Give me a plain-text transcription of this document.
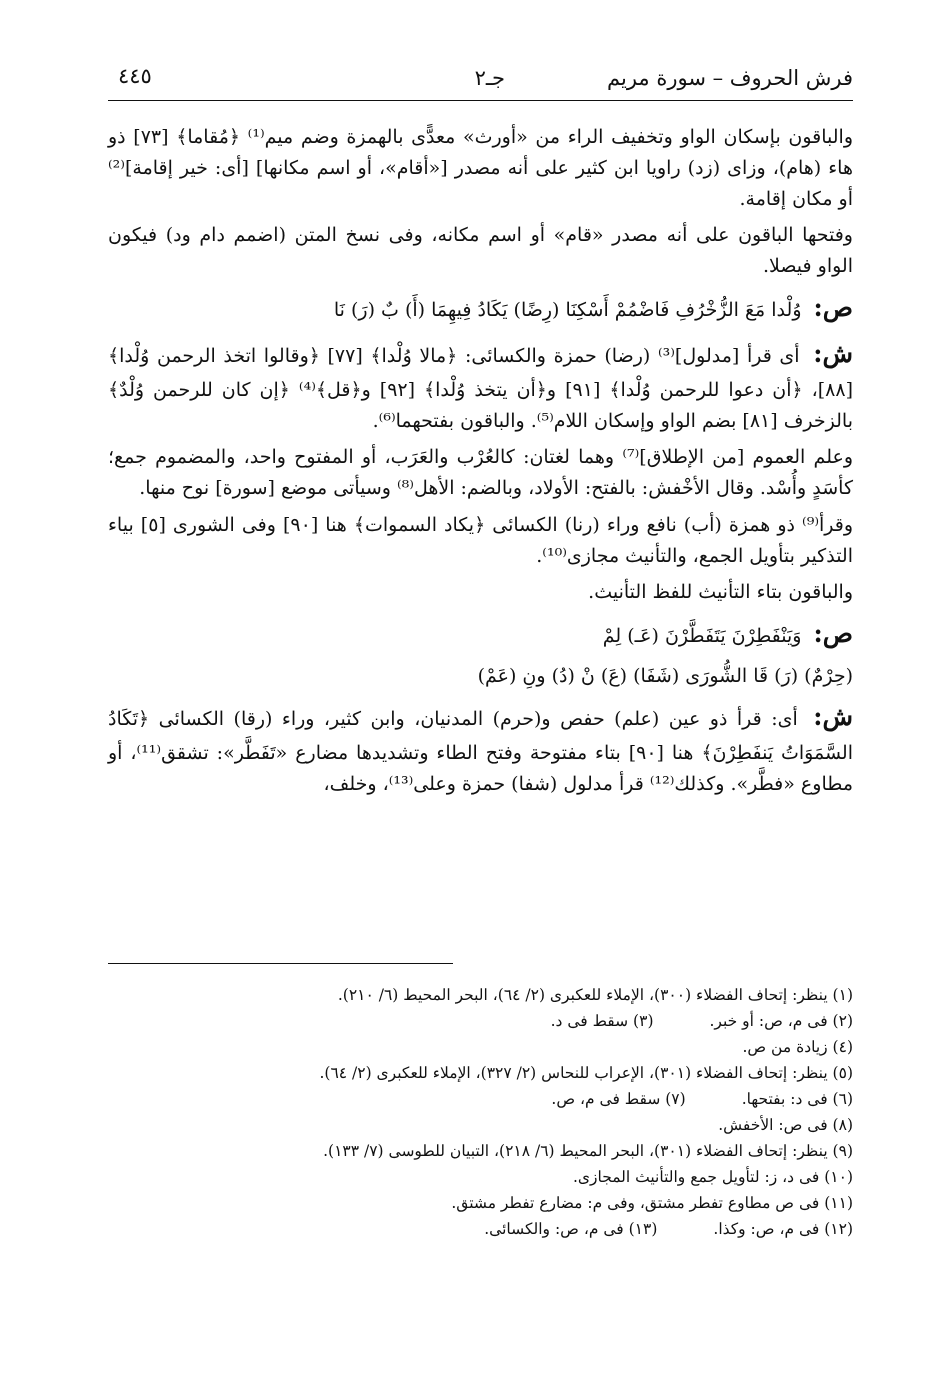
فرش الحروف – سورة مريم
جـ٢
٤٤٥

والباقون بإسكان الواو وتخفيف الراء من «أورث» معدًّى بالهمزة وضم ميم⁽¹⁾ ﴿مُقاما﴾ [٧٣] ذو هاء (هام)، وزاى (زد) راويا ابن كثير على أنه مصدر [«أقام»، أو اسم مكانها] [أى: خير إقامة]⁽²⁾ أو مكان إقامة.

وفتحها الباقون على أنه مصدر «قام» أو اسم مكانه، وفى نسخ المتن (اضمم دام ود) فيكون الواو فيصلا.

ص: وُلْدا مَعَ الزُّخْرُفِ فَاضْمُمْ أَسْكِنَا (رِضًا) يَكَادُ فِيهِمَا (أَ) بٌ (رَ) نَا

ش: أى قرأ [مدلول]⁽³⁾ (رضا) حمزة والكسائى: ﴿مالا وُلْدا﴾ [٧٧] ﴿وقالوا اتخذ الرحمن وُلْدا﴾ [٨٨]، ﴿أن دعوا للرحمن وُلْدا﴾ [٩١] و﴿أن يتخذ وُلْدا﴾ [٩٢] و﴿قل﴾⁽⁴⁾ ﴿إن كان للرحمن وُلْدٌ﴾ بالزخرف [٨١] بضم الواو وإسكان اللام⁽⁵⁾. والباقون بفتحهما⁽⁶⁾.

وعلم العموم [من الإطلاق]⁽⁷⁾ وهما لغتان: كالعُرْب والعَرَب، أو المفتوح واحد، والمضموم جمع؛ كأسَدٍ وأُسْد. وقال الأخْفش: بالفتح: الأولاد، وبالضم: الأهل⁽⁸⁾ وسيأتى موضع [سورة] نوح منها.

وقرأ⁽⁹⁾ ذو همزة (أب) نافع وراء (رنا) الكسائى ﴿يكاد السموات﴾ هنا [٩٠] وفى الشورى [٥] بياء التذكير بتأويل الجمع، والتأنيث مجازى⁽¹⁰⁾.

والباقون بتاء التأنيث للفظ التأنيث.

ص: وَيَنْفَطِرْنَ يَتَفَطَّرْنَ (عَـ) لِمْ

(حِرْمٌ) (رَ) قَا الشُّورَى (شَفَا) (عَ) نْ (دُ) ونِ (عَمْ)

ش: أى: قرأ ذو عين (علم) حفص و(حرم) المدنيان، وابن كثير، وراء (رقا) الكسائى ﴿تَكَادُ السَّمَوَاتُ يَنفَطِرْنَ﴾ هنا [٩٠] بتاء مفتوحة وفتح الطاء وتشديدها مضارع «تَفَطَّر»: تشقق⁽¹¹⁾، أو مطاوع «فطَّر». وكذلك⁽¹²⁾ قرأ مدلول (شفا) حمزة وعلى⁽¹³⁾، وخلف،

(١) ينظر: إتحاف الفضلاء (٣٠٠)، الإملاء للعكبرى (٢/ ٦٤)، البحر المحيط (٦/ ٢١٠).
(٢) فى م، ص: أو خبر.(٣) سقط فى د.
(٤) زيادة من ص.
(٥) ينظر: إتحاف الفضلاء (٣٠١)، الإعراب للنحاس (٢/ ٣٢٧)، الإملاء للعكبرى (٢/ ٦٤).
(٦) فى د: بفتحها.(٧) سقط فى م، ص.
(٨) فى ص: الأخفش.
(٩) ينظر: إتحاف الفضلاء (٣٠١)، البحر المحيط (٦/ ٢١٨)، التبيان للطوسى (٧/ ١٣٣).
(١٠) فى د، ز: لتأويل جمع والتأنيث المجازى.
(١١) فى ص مطاوع تفطر مشتق، وفى م: مضارع تفطر مشتق.
(١٢) فى م، ص: وكذا.(١٣) فى م، ص: والكسائى.
